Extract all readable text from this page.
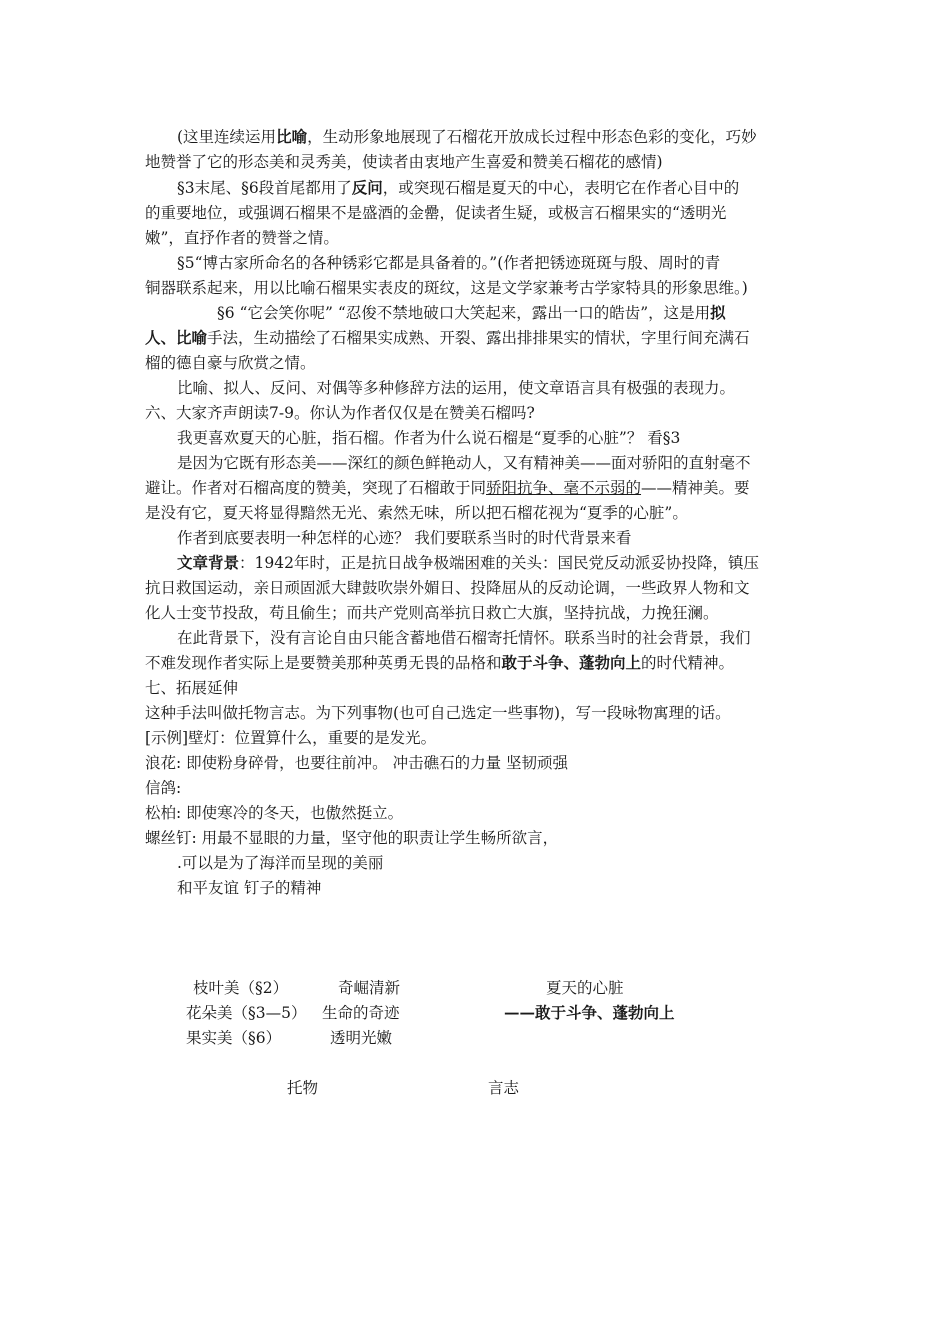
(这里连续运用比喻，生动形象地展现了石榴花开放成长过程中形态色彩的变化，巧妙
地赞誉了它的形态美和灵秀美，使读者由衷地产生喜爱和赞美石榴花的感情)
§3末尾、§6段首尾都用了反问，或突现石榴是夏天的中心，表明它在作者心目中的
的重要地位，或强调石榴果不是盛酒的金罍，促读者生疑，或极言石榴果实的“透明光
嫩”，直抒作者的赞誉之情。
§5“博古家所命名的各种锈彩它都是具备着的。”(作者把锈迹斑斑与殷、周时的青
铜器联系起来，用以比喻石榴果实表皮的斑纹，这是文学家兼考古学家特具的形象思维。)
§6 “它会笑你呢” “忍俊不禁地破口大笑起来，露出一口的皓齿”，这是用拟
人、比喻手法，生动描绘了石榴果实成熟、开裂、露出排排果实的情状，字里行间充满石
榴的德自豪与欣赏之情。
比喻、拟人、反问、对偶等多种修辞方法的运用，使文章语言具有极强的表现力。
六、大家齐声朗读7-9。你认为作者仅仅是在赞美石榴吗?
我更喜欢夏天的心脏，指石榴。作者为什么说石榴是“夏季的心脏”？ 看§3
是因为它既有形态美——深红的颜色鲜艳动人，又有精神美——面对骄阳的直射毫不
避让。作者对石榴高度的赞美，突现了石榴敢于同骄阳抗争、毫不示弱的——精神美。要
是没有它，夏天将显得黯然无光、索然无味，所以把石榴花视为“夏季的心脏”。
作者到底要表明一种怎样的心迹？ 我们要联系当时的时代背景来看
文章背景：1942年时，正是抗日战争极端困难的关头：国民党反动派妥协投降，镇压
抗日救国运动，亲日顽固派大肆鼓吹崇外媚日、投降屈从的反动论调，一些政界人物和文
化人士变节投敌，苟且偷生；而共产党则高举抗日救亡大旗，坚持抗战，力挽狂澜。
在此背景下，没有言论自由只能含蓄地借石榴寄托情怀。联系当时的社会背景，我们
不难发现作者实际上是要赞美那种英勇无畏的品格和敢于斗争、蓬勃向上的时代精神。
七、拓展延伸
这种手法叫做托物言志。为下列事物(也可自己选定一些事物)，写一段咏物寓理的话。
[示例]壁灯：位置算什么，重要的是发光。
浪花: 即使粉身碎骨，也要往前冲。 冲击礁石的力量 坚韧顽强
信鸽:
松柏: 即使寒冷的冬天，也傲然挺立。
螺丝钉: 用最不显眼的力量，坚守他的职责让学生畅所欲言，
.可以是为了海洋而呈现的美丽
和平友谊 钉子的精神
枝叶美（§2）	奇崛清新	夏天的心脏
花朵美（§3—5） 生命的奇迹	——敢于斗争、蓬勃向上
果实美（§6）	透明光嫩
托物	言志
